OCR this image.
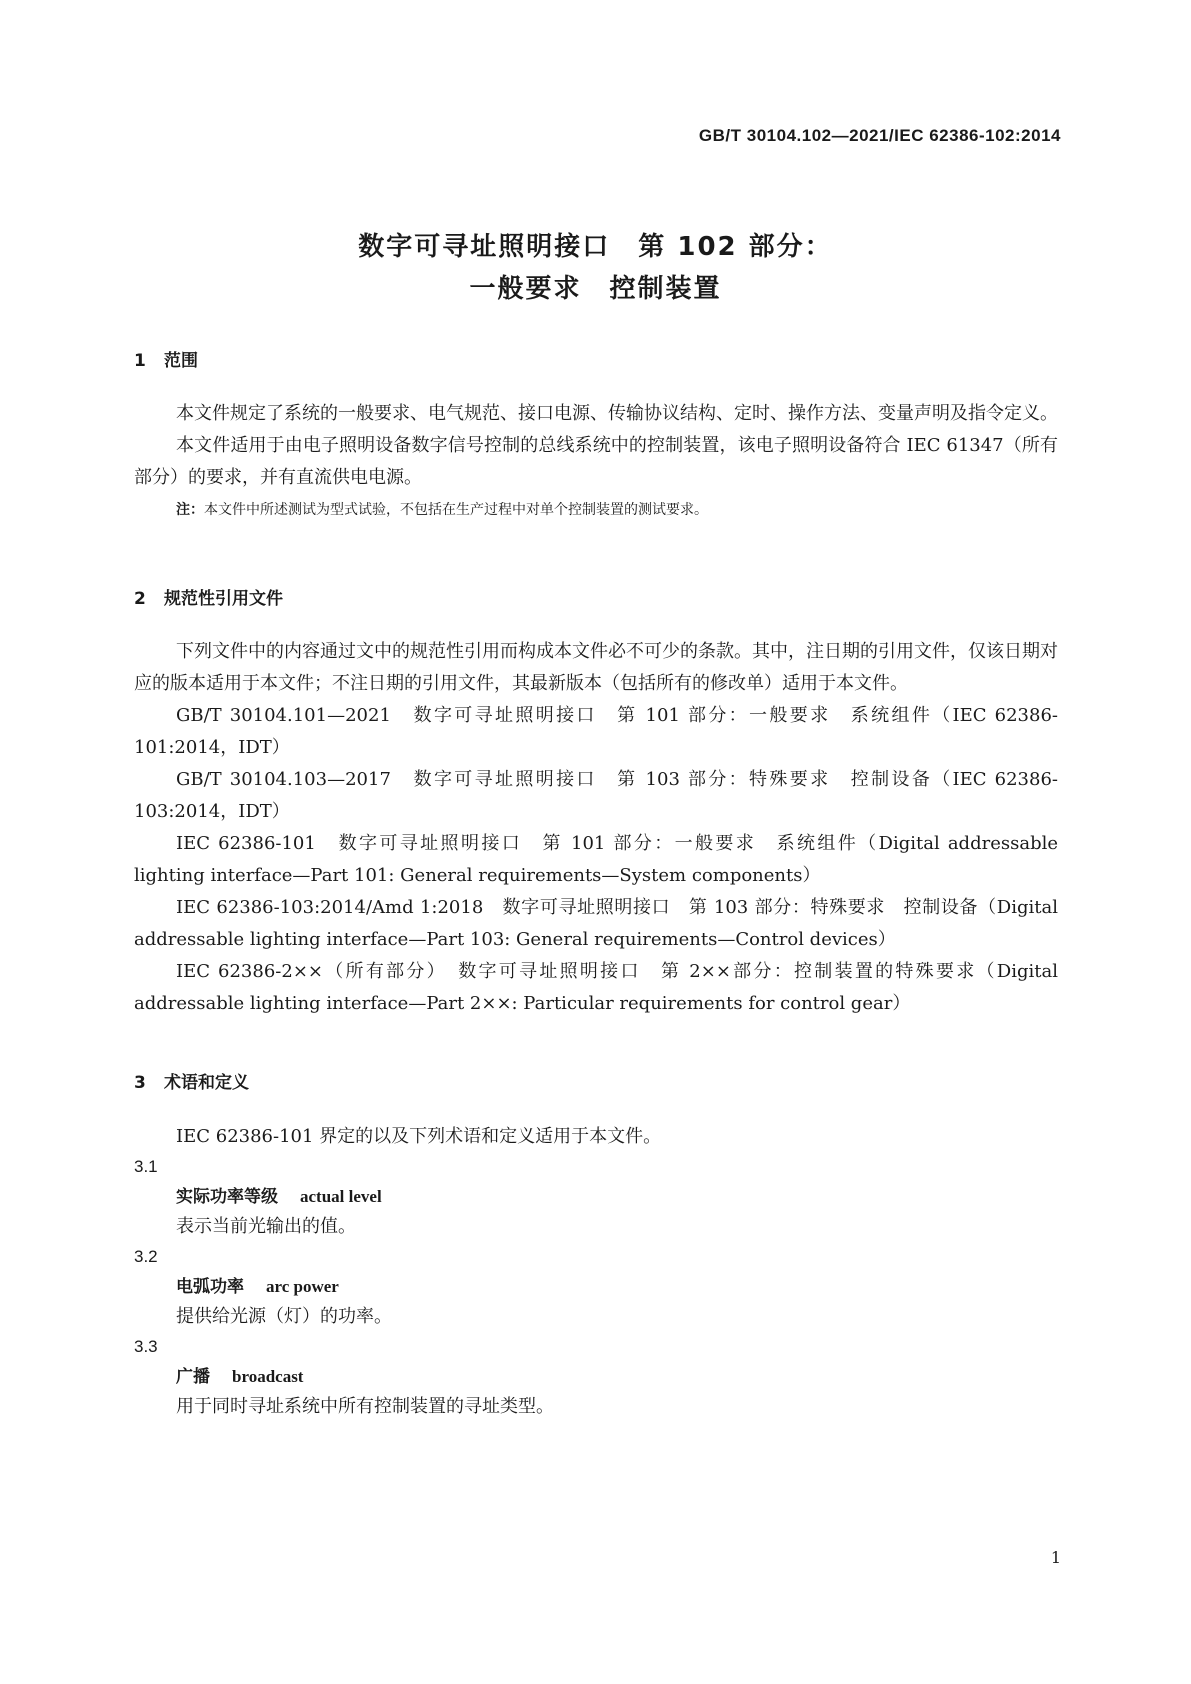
GB/T 30104.102—2021/IEC 62386-102:2014
数字可寻址照明接口　第 102 部分：
一般要求　控制装置
1 范围

本文件规定了系统的一般要求、电气规范、接口电源、传输协议结构、定时、操作方法、变量声明及指令定义。

本文件适用于由电子照明设备数字信号控制的总线系统中的控制装置，该电子照明设备符合 IEC 61347（所有部分）的要求，并有直流供电电源。

注：本文件中所述测试为型式试验，不包括在生产过程中对单个控制装置的测试要求。

2 规范性引用文件

下列文件中的内容通过文中的规范性引用而构成本文件必不可少的条款。其中，注日期的引用文件，仅该日期对应的版本适用于本文件；不注日期的引用文件，其最新版本（包括所有的修改单）适用于本文件。

GB/T 30104.101—2021　数字可寻址照明接口　第 101 部分：一般要求　系统组件（IEC 62386-101:2014，IDT）

GB/T 30104.103—2017　数字可寻址照明接口　第 103 部分：特殊要求　控制设备（IEC 62386-103:2014，IDT）

IEC 62386-101　数字可寻址照明接口　第 101 部分：一般要求　系统组件（Digital addressable lighting interface—Part 101: General requirements—System components）

IEC 62386-103:2014/Amd 1:2018　数字可寻址照明接口　第 103 部分：特殊要求　控制设备（Digital addressable lighting interface—Part 103: General requirements—Control devices）

IEC 62386-2××（所有部分）　数字可寻址照明接口　第 2××部分：控制装置的特殊要求（Digital addressable lighting interface—Part 2××: Particular requirements for control gear）

3 术语和定义

IEC 62386-101 界定的以及下列术语和定义适用于本文件。

3.1
实际功率等级 actual level
表示当前光输出的值。
3.2
电弧功率 arc power
提供给光源（灯）的功率。
3.3
广播 broadcast
用于同时寻址系统中所有控制装置的寻址类型。
1
